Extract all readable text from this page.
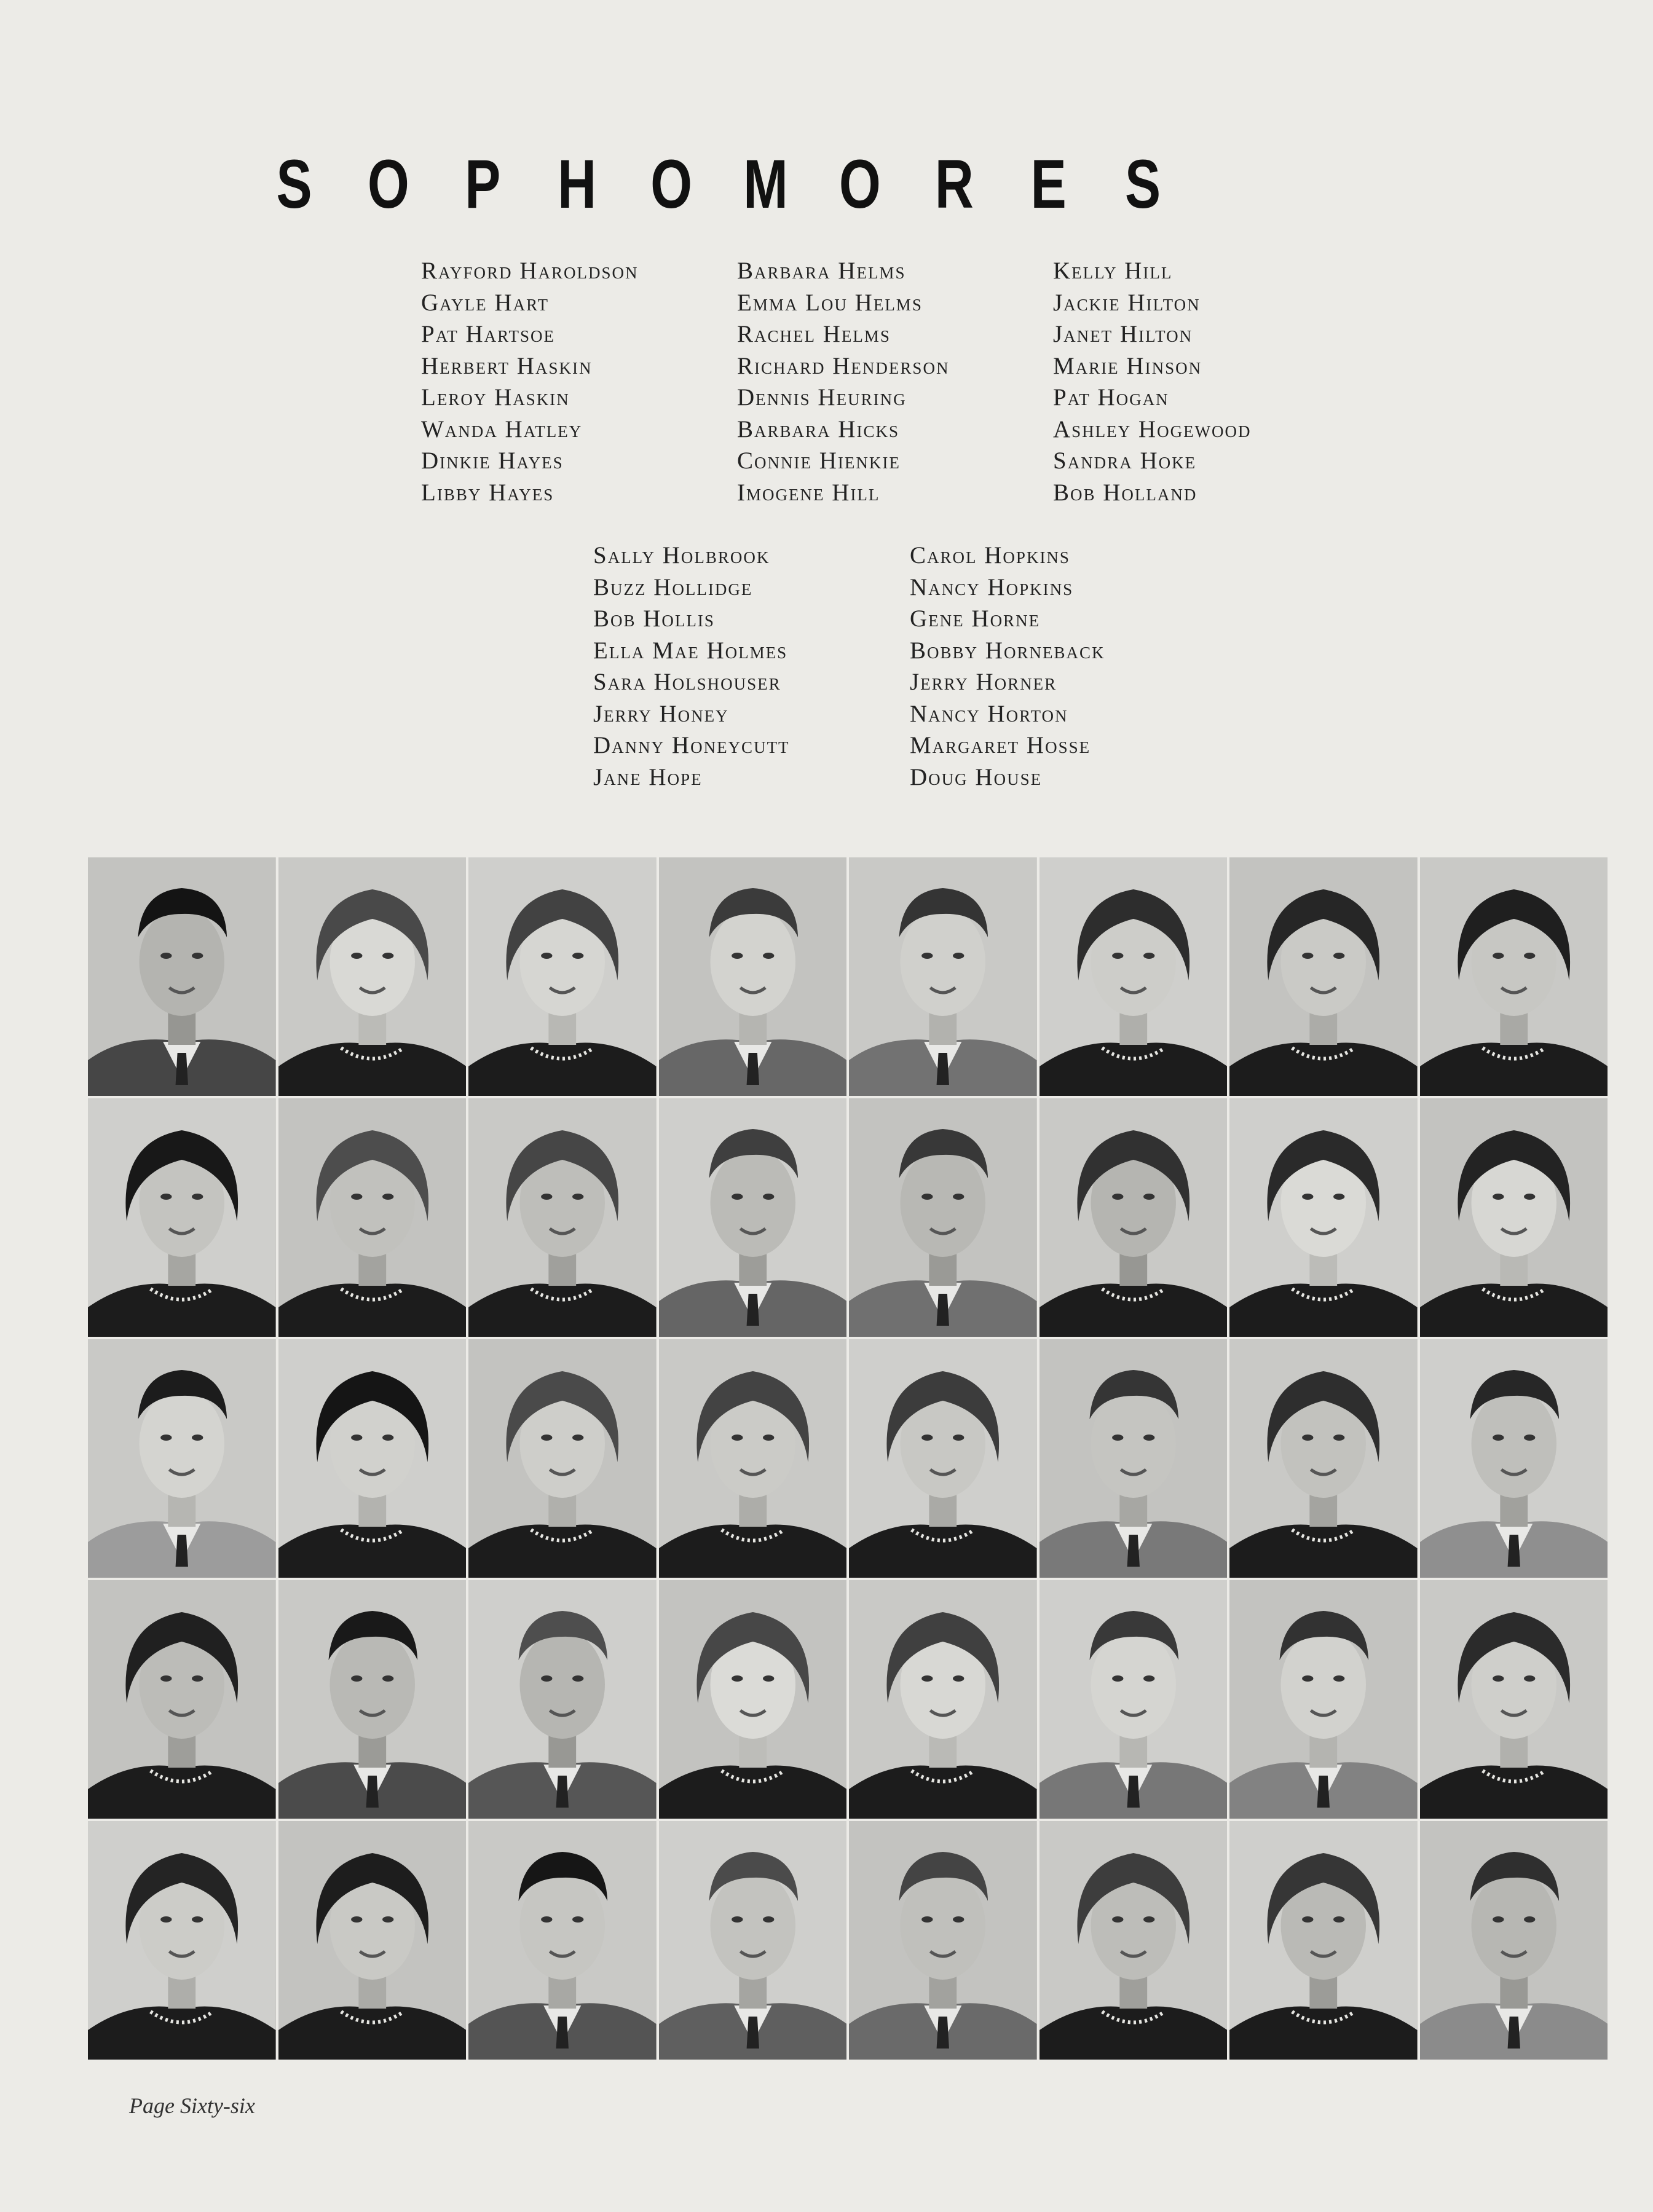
S O P H O M O R E S
Rayford Haroldson
Gayle Hart
Pat Hartsoe
Herbert Haskin
Leroy Haskin
Wanda Hatley
Dinkie Hayes
Libby Hayes
Barbara Helms
Emma Lou Helms
Rachel Helms
Richard Henderson
Dennis Heuring
Barbara Hicks
Connie Hienkie
Imogene Hill
Kelly Hill
Jackie Hilton
Janet Hilton
Marie Hinson
Pat Hogan
Ashley Hogewood
Sandra Hoke
Bob Holland
Sally Holbrook
Buzz Hollidge
Bob Hollis
Ella Mae Holmes
Sara Holshouser
Jerry Honey
Danny Honeycutt
Jane Hope
Carol Hopkins
Nancy Hopkins
Gene Horne
Bobby Horneback
Jerry Horner
Nancy Horton
Margaret Hosse
Doug House
Page Sixty-six
